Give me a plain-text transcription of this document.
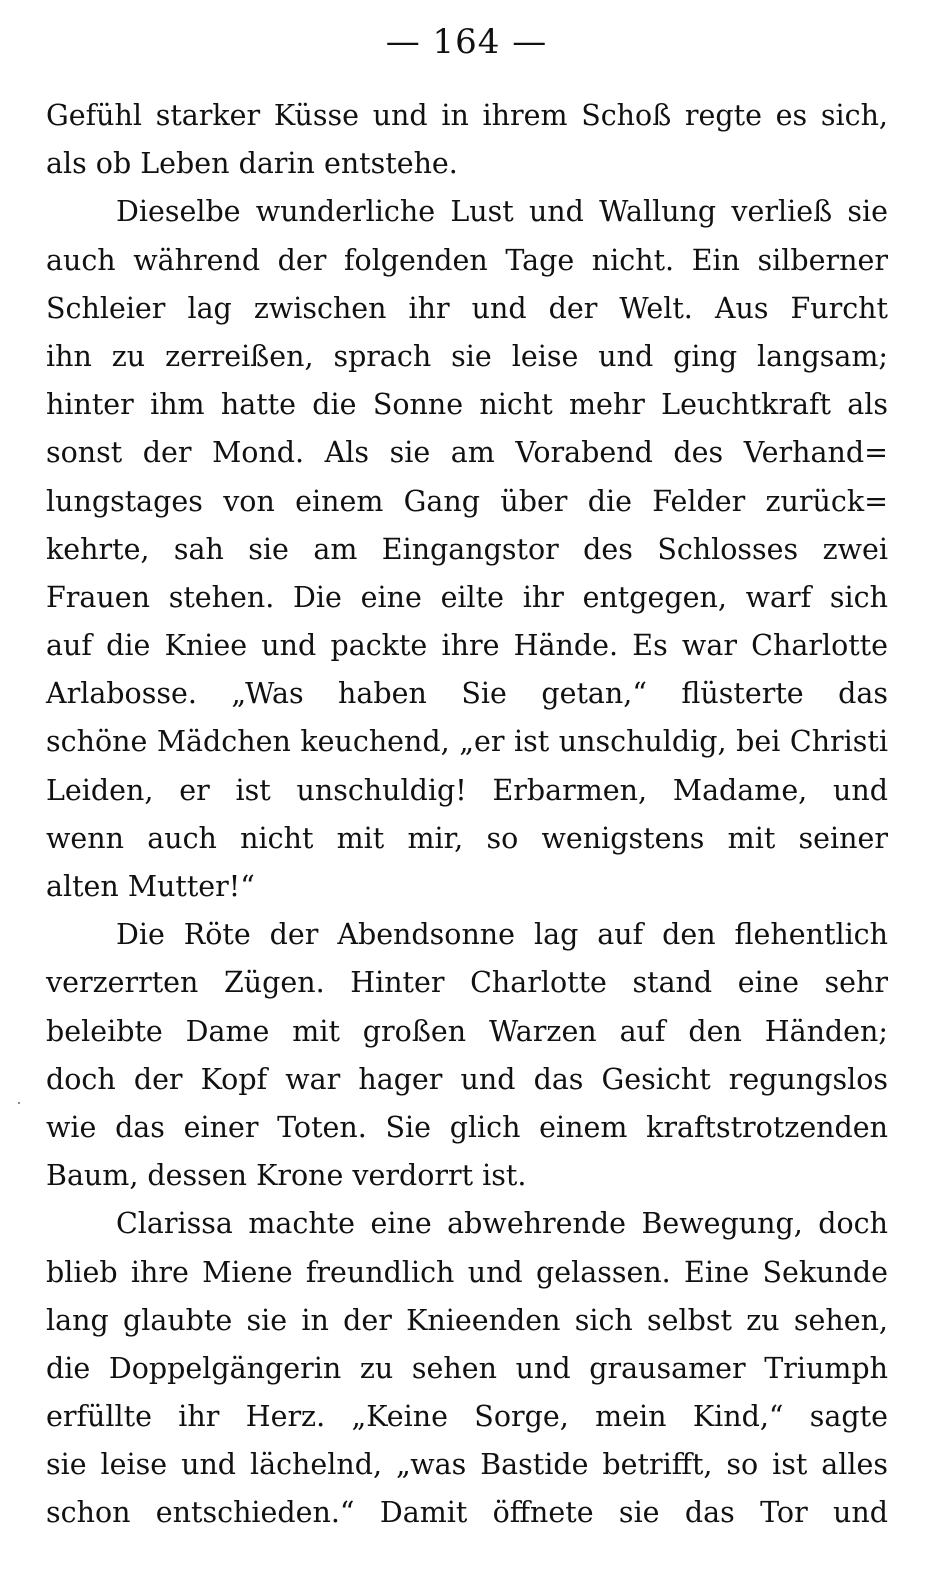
— 164 —
Gefühl starker Küsse und in ihrem Schoß regte es sich,
als ob Leben darin entstehe.
Dieselbe wunderliche Lust und Wallung verließ sie
auch während der folgenden Tage nicht. Ein silberner
Schleier lag zwischen ihr und der Welt. Aus Furcht
ihn zu zerreißen, sprach sie leise und ging langsam;
hinter ihm hatte die Sonne nicht mehr Leuchtkraft als
sonst der Mond. Als sie am Vorabend des Verhand=
lungstages von einem Gang über die Felder zurück=
kehrte, sah sie am Eingangstor des Schlosses zwei
Frauen stehen. Die eine eilte ihr entgegen, warf sich
auf die Kniee und packte ihre Hände. Es war Charlotte
Arlabosse. „Was haben Sie getan,“ flüsterte das
schöne Mädchen keuchend, „er ist unschuldig, bei Christi
Leiden, er ist unschuldig! Erbarmen, Madame, und
wenn auch nicht mit mir, so wenigstens mit seiner
alten Mutter!“
Die Röte der Abendsonne lag auf den flehentlich
verzerrten Zügen. Hinter Charlotte stand eine sehr
beleibte Dame mit großen Warzen auf den Händen;
doch der Kopf war hager und das Gesicht regungslos
wie das einer Toten. Sie glich einem kraftstrotzenden
Baum, dessen Krone verdorrt ist.
Clarissa machte eine abwehrende Bewegung, doch
blieb ihre Miene freundlich und gelassen. Eine Sekunde
lang glaubte sie in der Knieenden sich selbst zu sehen,
die Doppelgängerin zu sehen und grausamer Triumph
erfüllte ihr Herz. „Keine Sorge, mein Kind,“ sagte
sie leise und lächelnd, „was Bastide betrifft, so ist alles
schon entschieden.“ Damit öffnete sie das Tor und
